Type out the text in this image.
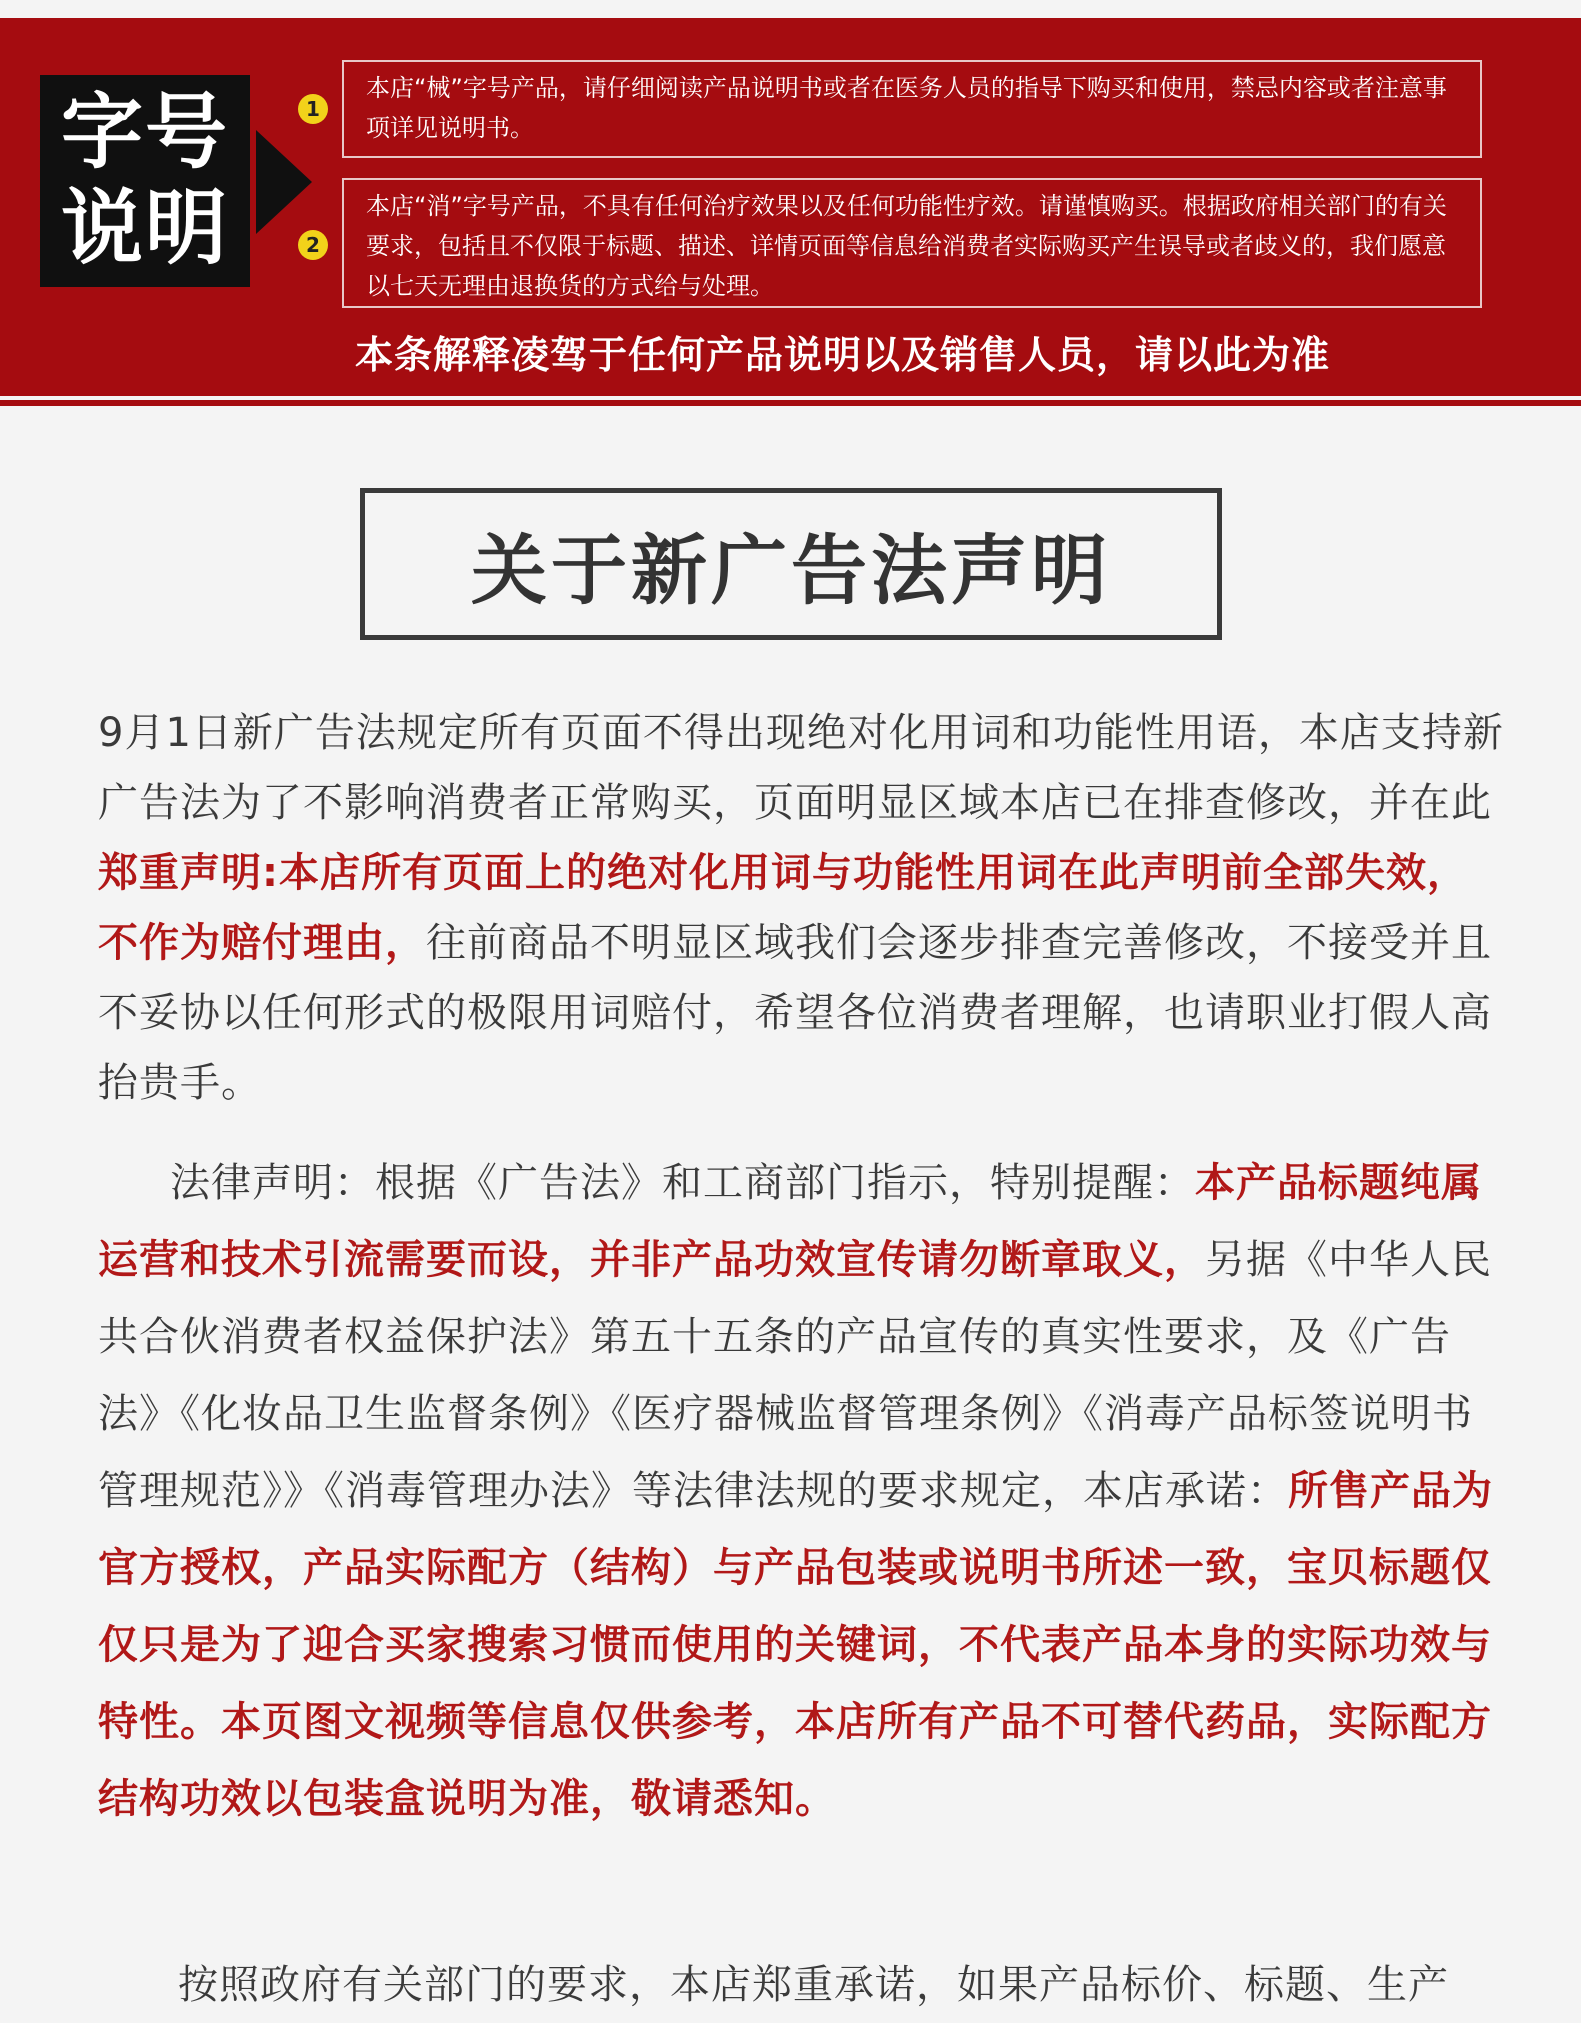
字号
说明
1
本店“械”字号产品，请仔细阅读产品说明书或者在医务人员的指导下购买和使用，禁忌内容或者注意事项详见说明书。
2
本店“消”字号产品，不具有任何治疗效果以及任何功能性疗效。请谨慎购买。根据政府相关部门的有关要求，包括且不仅限于标题、描述、详情页面等信息给消费者实际购买产生误导或者歧义的，我们愿意以七天无理由退换货的方式给与处理。
本条解释凌驾于任何产品说明以及销售人员，请以此为准
关于新广告法声明

9月1日新广告法规定所有页面不得出现绝对化用词和功能性用语，本店支持新广告法为了不影响消费者正常购买，页面明显区域本店已在排查修改，并在此郑重声明:本店所有页面上的绝对化用词与功能性用词在此声明前全部失效，不作为赔付理由，往前商品不明显区域我们会逐步排查完善修改，不接受并且不妥协以任何形式的极限用词赔付，希望各位消费者理解，也请职业打假人高抬贵手。

法律声明：根据《广告法》和工商部门指示，特别提醒：本产品标题纯属运营和技术引流需要而设，并非产品功效宣传请勿断章取义，另据《中华人民共合伙消费者权益保护法》第五十五条的产品宣传的真实性要求，及《广告法》《化妆品卫生监督条例》《医疗器械监督管理条例》《消毒产品标签说明书管理规范》》《消毒管理办法》等法律法规的要求规定，本店承诺：所售产品为官方授权，产品实际配方（结构）与产品包装或说明书所述一致，宝贝标题仅仅只是为了迎合买家搜索习惯而使用的关键词，不代表产品本身的实际功效与特性。本页图文视频等信息仅供参考，本店所有产品不可替代药品，实际配方结构功效以包装盒说明为准，敬请悉知。

按照政府有关部门的要求，本店郑重承诺，如果产品标价、标题、生产
